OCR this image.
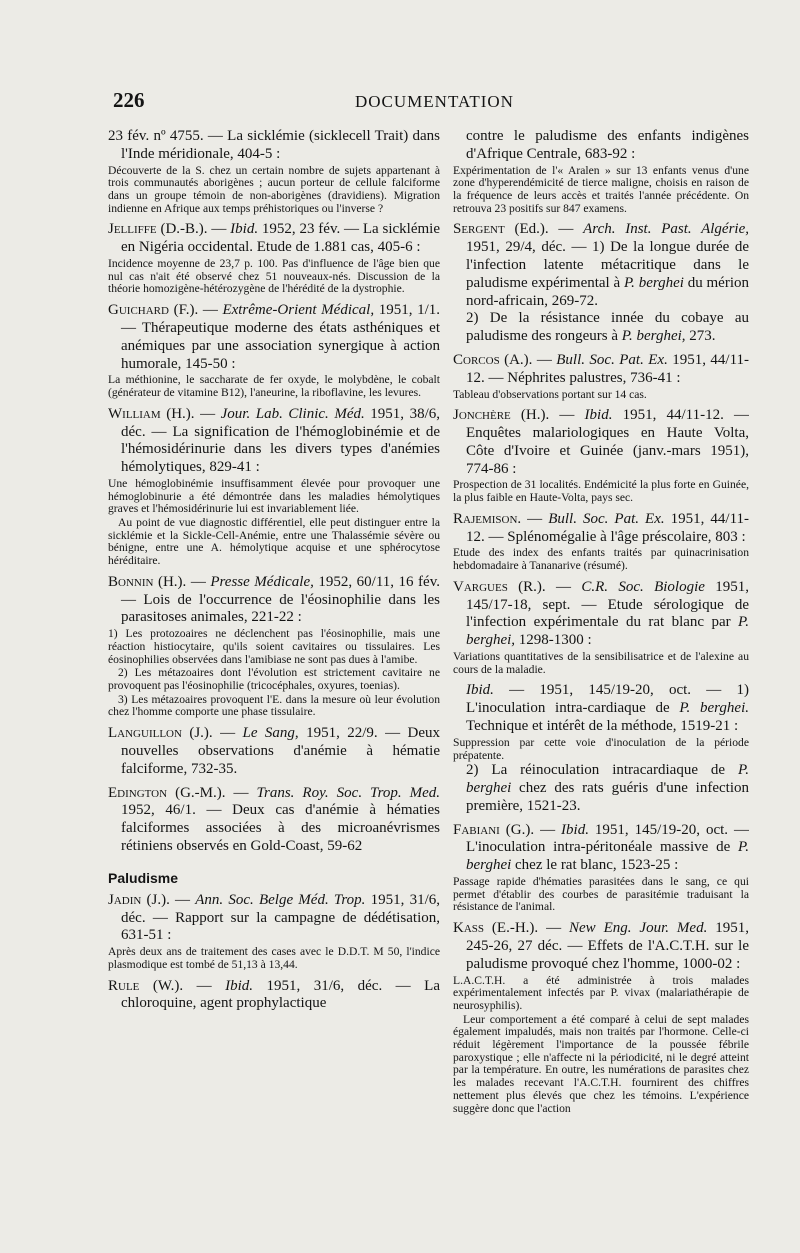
226	DOCUMENTATION

23 fév. nº 4755. — La sicklémie (sicklecell Trait) dans l'Inde méridionale, 404-5 :

Découverte de la S. chez un certain nombre de sujets appartenant à trois communautés aborigènes ; aucun porteur de cellule falciforme dans un groupe témoin de non-aborigènes (dravidiens). Migration indienne en Afrique aux temps préhistoriques ou l'inverse ?

Jelliffe (D.-B.). — Ibid. 1952, 23 fév. — La sicklémie en Nigéria occidental. Etude de 1.881 cas, 405-6 :

Incidence moyenne de 23,7 p. 100. Pas d'influence de l'âge bien que nul cas n'ait été observé chez 51 nouveaux-nés. Discussion de la théorie homozigène-hétérozygène de l'hérédité de la dystrophie.

Guichard (F.). — Extrême-Orient Médical, 1951, 1/1. — Thérapeutique moderne des états asthéniques et anémiques par une association synergique à action humorale, 145-50 :

La méthionine, le saccharate de fer oxyde, le molybdène, le cobalt (générateur de vitamine B12), l'aneurine, la riboflavine, les levures.

William (H.). — Jour. Lab. Clinic. Méd. 1951, 38/6, déc. — La signification de l'hémoglobinémie et de l'hémosidérinurie dans les divers types d'anémies hémolytiques, 829-41 :

Une hémoglobinémie insuffisamment élevée pour provoquer une hémoglobinurie a été démontrée dans les maladies hémolytiques graves et l'hémosidérinurie lui est invariablement liée.

Au point de vue diagnostic différentiel, elle peut distinguer entre la sicklémie et la Sickle-Cell-Anémie, entre une Thalassémie sévère ou bénigne, entre une A. hémolytique acquise et une sphérocytose héréditaire.

Bonnin (H.). — Presse Médicale, 1952, 60/11, 16 fév. — Lois de l'occurrence de l'éosinophilie dans les parasitoses animales, 221-22 :

1) Les protozoaires ne déclenchent pas l'éosinophilie, mais une réaction histiocytaire, qu'ils soient cavitaires ou tissulaires. Les éosinophilies observées dans l'amibiase ne sont pas dues à l'amibe.

2) Les métazoaires dont l'évolution est strictement cavitaire ne provoquent pas l'éosinophilie (tricocéphales, oxyures, toenias).

3) Les métazoaires provoquent l'E. dans la mesure où leur évolution chez l'homme comporte une phase tissulaire.

Languillon (J.). — Le Sang, 1951, 22/9. — Deux nouvelles observations d'anémie à hématie falciforme, 732-35.

Edington (G.-M.). — Trans. Roy. Soc. Trop. Med. 1952, 46/1. — Deux cas d'anémie à hématies falciformes associées à des microanévrismes rétiniens observés en Gold-Coast, 59-62

Paludisme

Jadin (J.). — Ann. Soc. Belge Méd. Trop. 1951, 31/6, déc. — Rapport sur la campagne de dédétisation, 631-51 :

Après deux ans de traitement des cases avec le D.D.T. M 50, l'indice plasmodique est tombé de 51,13 à 13,44.

Rule (W.). — Ibid. 1951, 31/6, déc. — La chloroquine, agent prophylactique

contre le paludisme des enfants indigènes d'Afrique Centrale, 683-92 :

Expérimentation de l'« Aralen » sur 13 enfants venus d'une zone d'hyperendémicité de tierce maligne, choisis en raison de la fréquence de leurs accès et traités l'année précédente. On retrouva 23 positifs sur 847 examens.

Sergent (Ed.). — Arch. Inst. Past. Algérie, 1951, 29/4, déc. — 1) De la longue durée de l'infection latente métacritique dans le paludisme expérimental à P. berghei du mérion nord-africain, 269-72.

2) De la résistance innée du cobaye au paludisme des rongeurs à P. berghei, 273.

Corcos (A.). — Bull. Soc. Pat. Ex. 1951, 44/11-12. — Néphrites palustres, 736-41 :

Tableau d'observations portant sur 14 cas.

Jonchère (H.). — Ibid. 1951, 44/11-12. — Enquêtes malariologiques en Haute Volta, Côte d'Ivoire et Guinée (janv.-mars 1951), 774-86 :

Prospection de 31 localités. Endémicité la plus forte en Guinée, la plus faible en Haute-Volta, pays sec.

Rajemison. — Bull. Soc. Pat. Ex. 1951, 44/11-12. — Splénomégalie à l'âge préscolaire, 803 :

Etude des index des enfants traités par quinacrinisation hebdomadaire à Tananarive (résumé).

Vargues (R.). — C.R. Soc. Biologie 1951, 145/17-18, sept. — Etude sérologique de l'infection expérimentale du rat blanc par P. berghei, 1298-1300 :

Variations quantitatives de la sensibilisatrice et de l'alexine au cours de la maladie.

Ibid. — 1951, 145/19-20, oct. — 1) L'inoculation intra-cardiaque de P. berghei. Technique et intérêt de la méthode, 1519-21 :

Suppression par cette voie d'inoculation de la période prépatente.

2) La réinoculation intracardiaque de P. berghei chez des rats guéris d'une infection première, 1521-23.

Fabiani (G.). — Ibid. 1951, 145/19-20, oct. — L'inoculation intra-péritonéale massive de P. berghei chez le rat blanc, 1523-25 :

Passage rapide d'hématies parasitées dans le sang, ce qui permet d'établir des courbes de parasitémie traduisant la résistance de l'animal.

Kass (E.-H.). — New Eng. Jour. Med. 1951, 245-26, 27 déc. — Effets de l'A.C.T.H. sur le paludisme provoqué chez l'homme, 1000-02 :

L.A.C.T.H. a été administrée à trois malades expérimentalement infectés par P. vivax (malariathérapie de neurosyphilis).

Leur comportement a été comparé à celui de sept malades également impaludés, mais non traités par l'hormone. Celle-ci réduit légèrement l'importance de la poussée fébrile paroxystique ; elle n'affecte ni la périodicité, ni le degré atteint par la température. En outre, les numérations de parasites chez les malades recevant l'A.C.T.H. fournirent des chiffres nettement plus élevés que chez les témoins. L'expérience suggère donc que l'action
